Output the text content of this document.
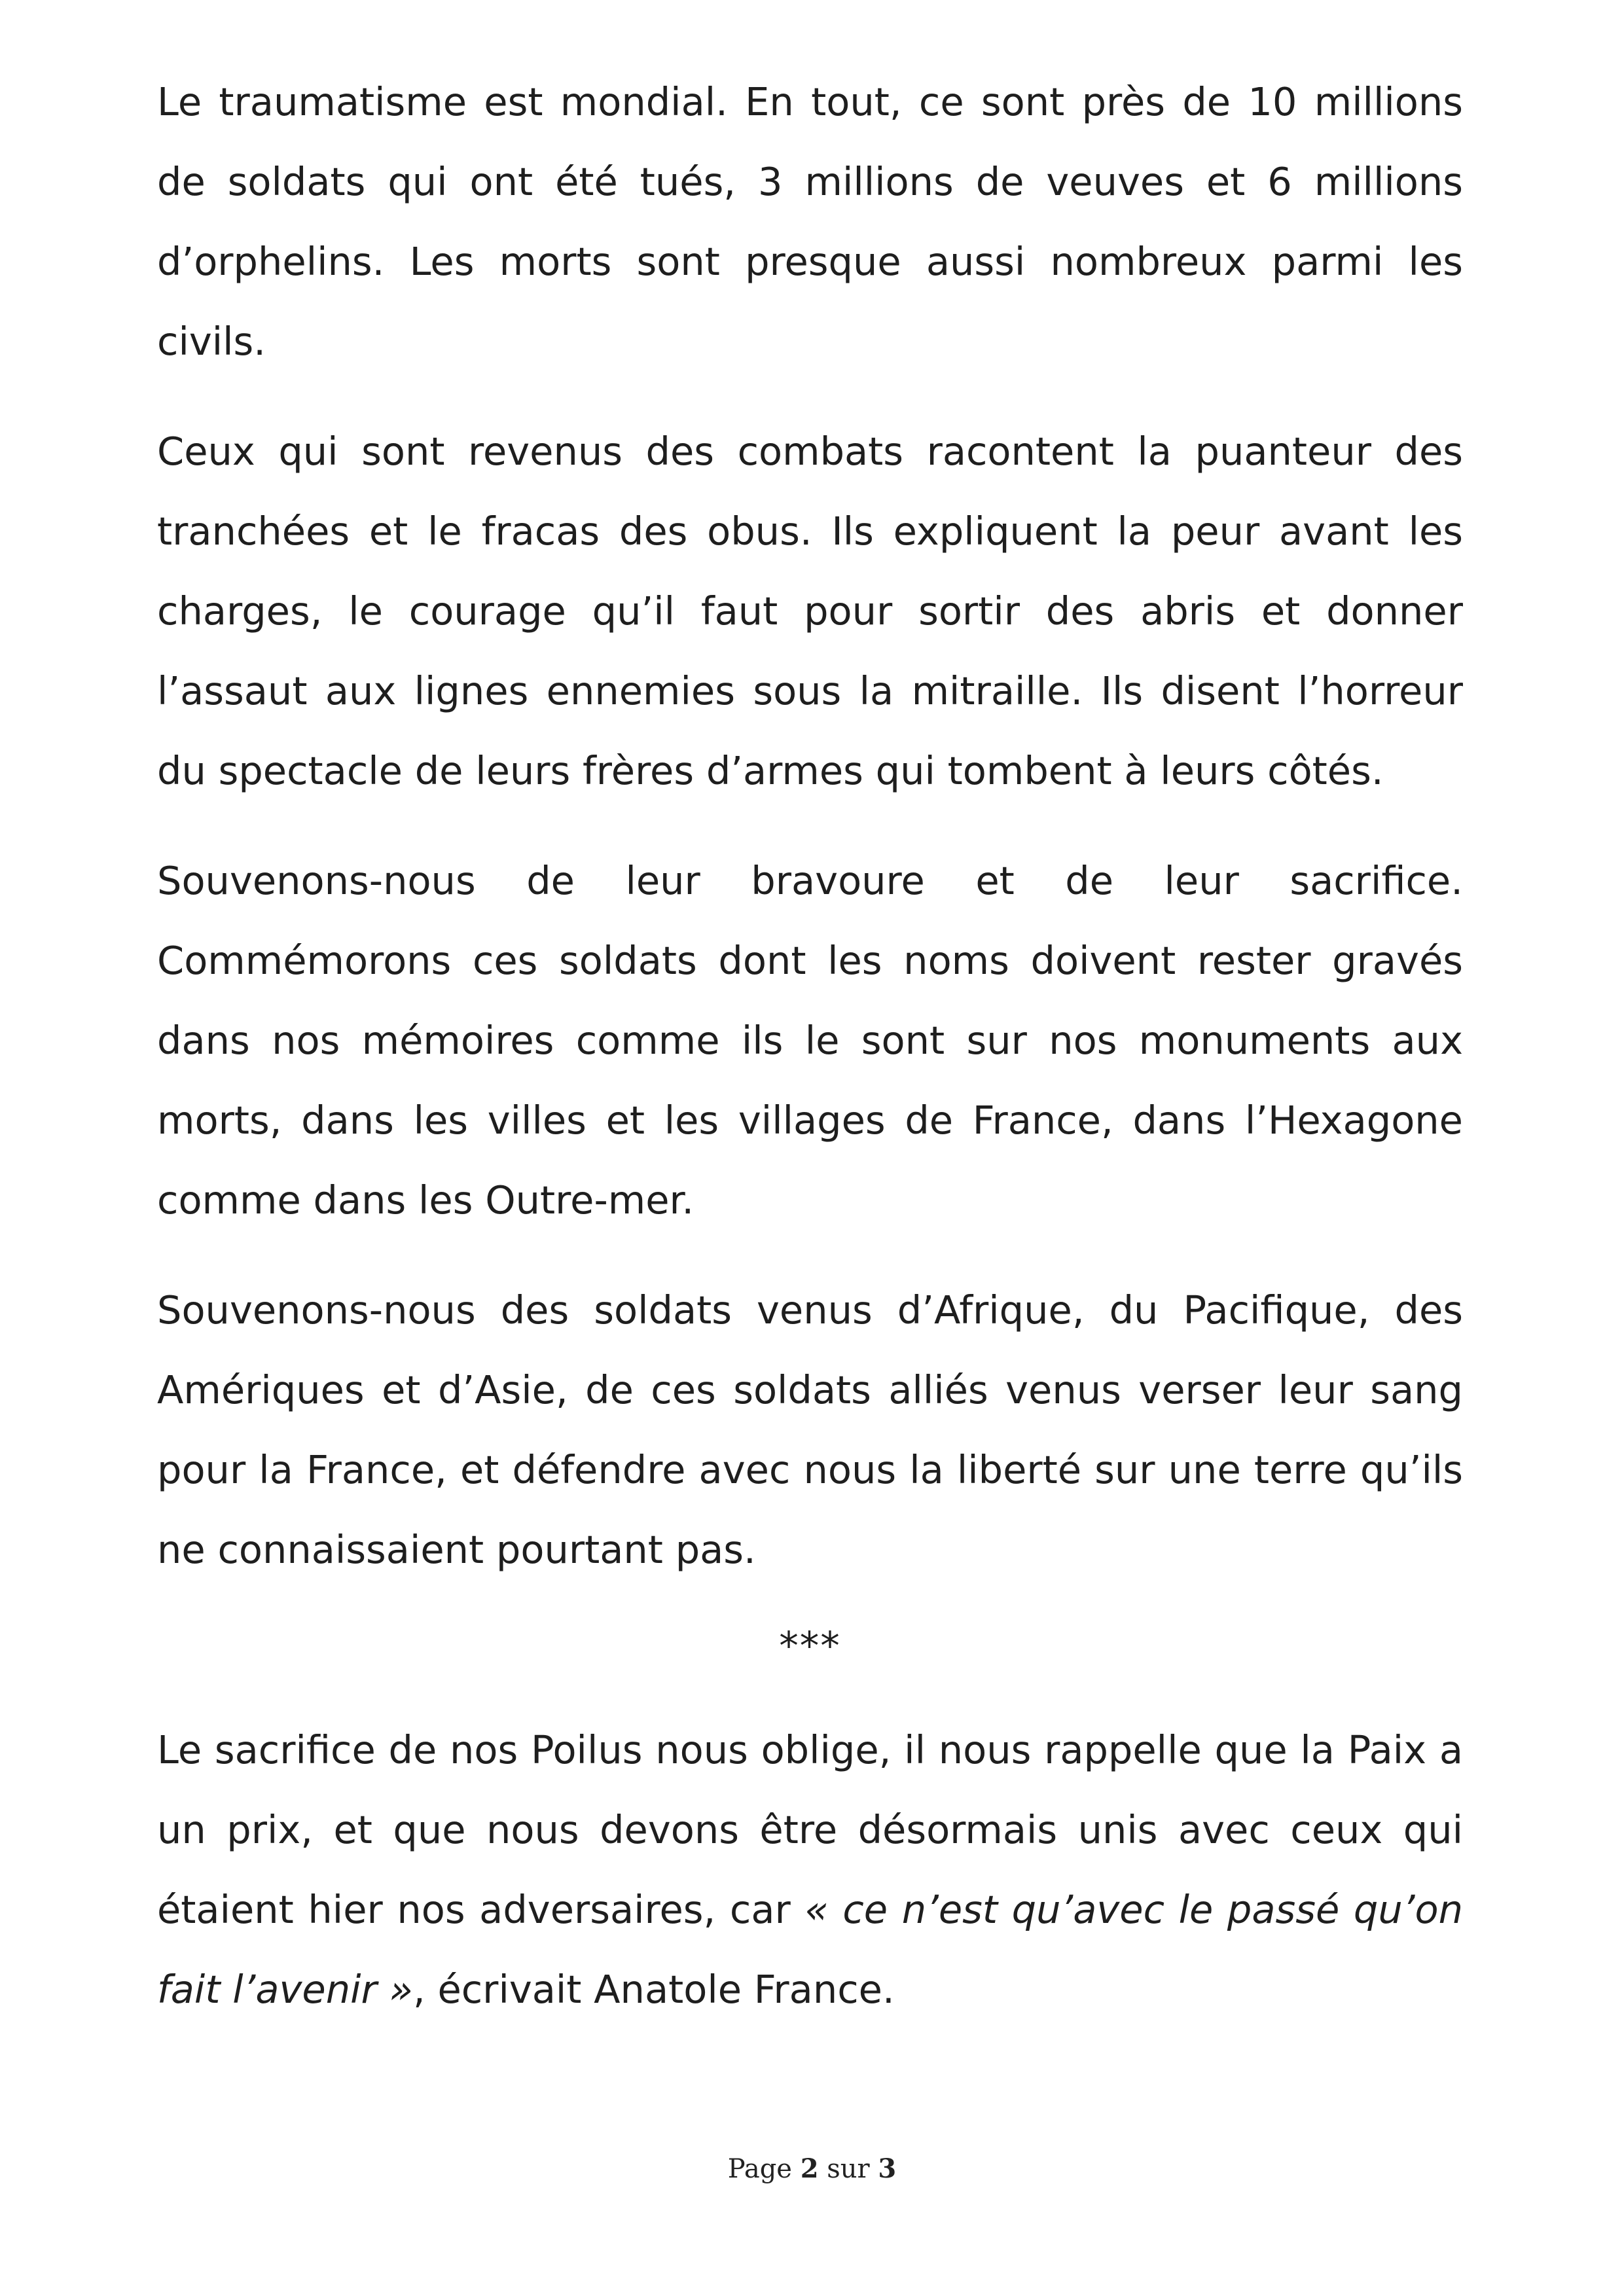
Le traumatisme est mondial. En tout, ce sont près de 10 millions de soldats qui ont été tués, 3 millions de veuves et 6 millions d’orphelins. Les morts sont presque aussi nombreux parmi les civils.

Ceux qui sont revenus des combats racontent la puanteur des tranchées et le fracas des obus. Ils expliquent la peur avant les charges, le courage qu’il faut pour sortir des abris et donner l’assaut aux lignes ennemies sous la mitraille. Ils disent l’horreur du spectacle de leurs frères d’armes qui tombent à leurs côtés.

Souvenons-nous de leur bravoure et de leur sacrifice. Commémorons ces soldats dont les noms doivent rester gravés dans nos mémoires comme ils le sont sur nos monuments aux morts, dans les villes et les villages de France, dans l’Hexagone comme dans les Outre-mer.

Souvenons-nous des soldats venus d’Afrique, du Pacifique, des Amériques et d’Asie, de ces soldats alliés venus verser leur sang pour la France, et défendre avec nous la liberté sur une terre qu’ils ne connaissaient pourtant pas.

***

Le sacrifice de nos Poilus nous oblige, il nous rappelle que la Paix a un prix, et que nous devons être désormais unis avec ceux qui étaient hier nos adversaires, car « ce n’est qu’avec le passé qu’on fait l’avenir », écrivait Anatole France.

Page 2 sur 3
